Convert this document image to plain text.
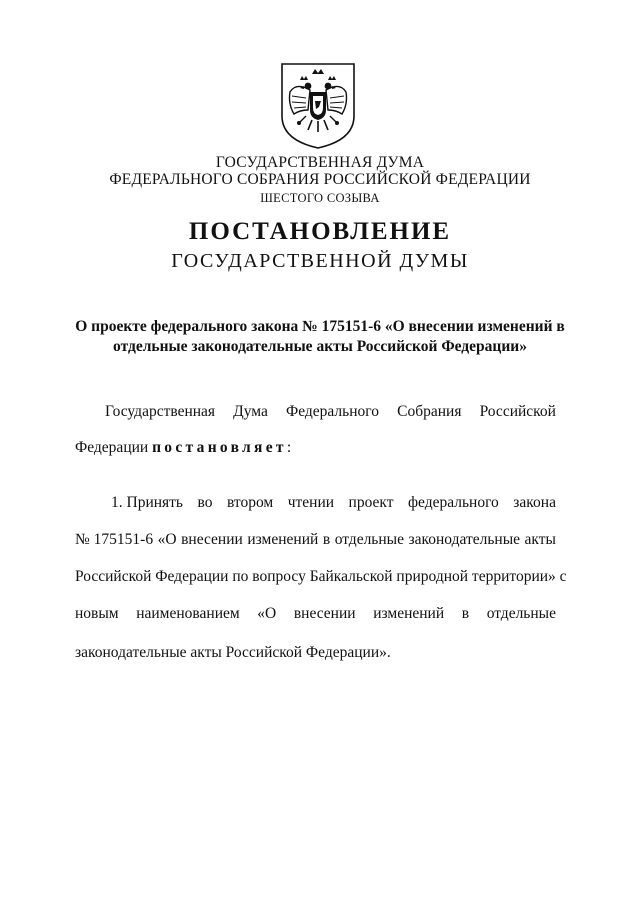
ГОСУДАРСТВЕННАЯ ДУМА
ФЕДЕРАЛЬНОГО СОБРАНИЯ РОССИЙСКОЙ ФЕДЕРАЦИИ
ШЕСТОГО СОЗЫВА
ПОСТАНОВЛЕНИЕ
ГОСУДАРСТВЕННОЙ ДУМЫ
О проекте федерального закона № 175151-6 «О внесении изменений в
отдельные законодательные акты Российской Федерации»
Государственная Дума Федерального Собрания Российской
Федерации постановляет:
1. Принять во втором чтении проект федерального закона
№ 175151-6 «О внесении изменений в отдельные законодательные акты
Российской Федерации по вопросу Байкальской природной территории» с
новым наименованием «О внесении изменений в отдельные
законодательные акты Российской Федерации».
